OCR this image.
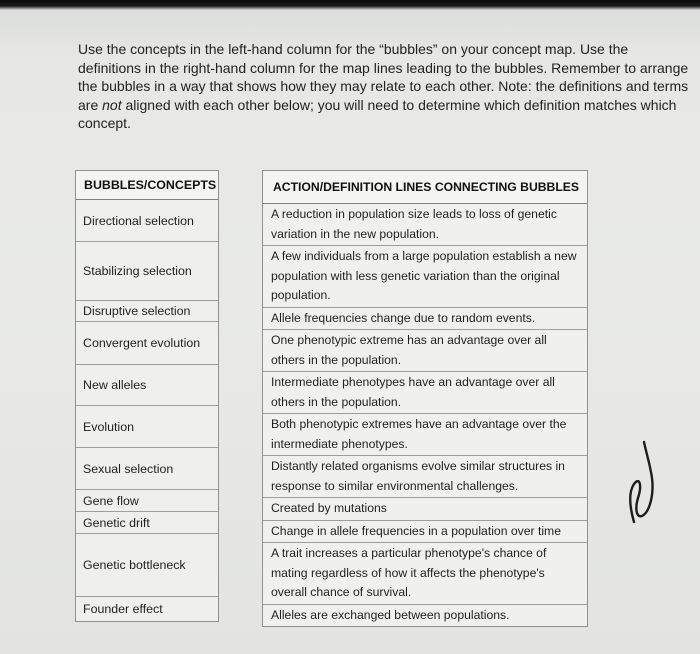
Use the concepts in the left-hand column for the “bubbles” on your concept map. Use the definitions in the right-hand column for the map lines leading to the bubbles. Remember to arrange the bubbles in a way that shows how they may relate to each other. Note: the definitions and terms are not aligned with each other below; you will need to determine which definition matches which concept.
BUBBLES/CONCEPTS
Directional selection
Stabilizing selection
Disruptive selection
Convergent evolution
New alleles
Evolution
Sexual selection
Gene flow
Genetic drift
Genetic bottleneck
Founder effect
ACTION/DEFINITION LINES CONNECTING BUBBLES
A reduction in population size leads to loss of genetic variation in the new population.
A few individuals from a large population establish a new population with less genetic variation than the original population.
Allele frequencies change due to random events.
One phenotypic extreme has an advantage over all others in the population.
Intermediate phenotypes have an advantage over all others in the population.
Both phenotypic extremes have an advantage over the intermediate phenotypes.
Distantly related organisms evolve similar structures in response to similar environmental challenges.
Created by mutations
Change in allele frequencies in a population over time
A trait increases a particular phenotype's chance of mating regardless of how it affects the phenotype's overall chance of survival.
Alleles are exchanged between populations.
